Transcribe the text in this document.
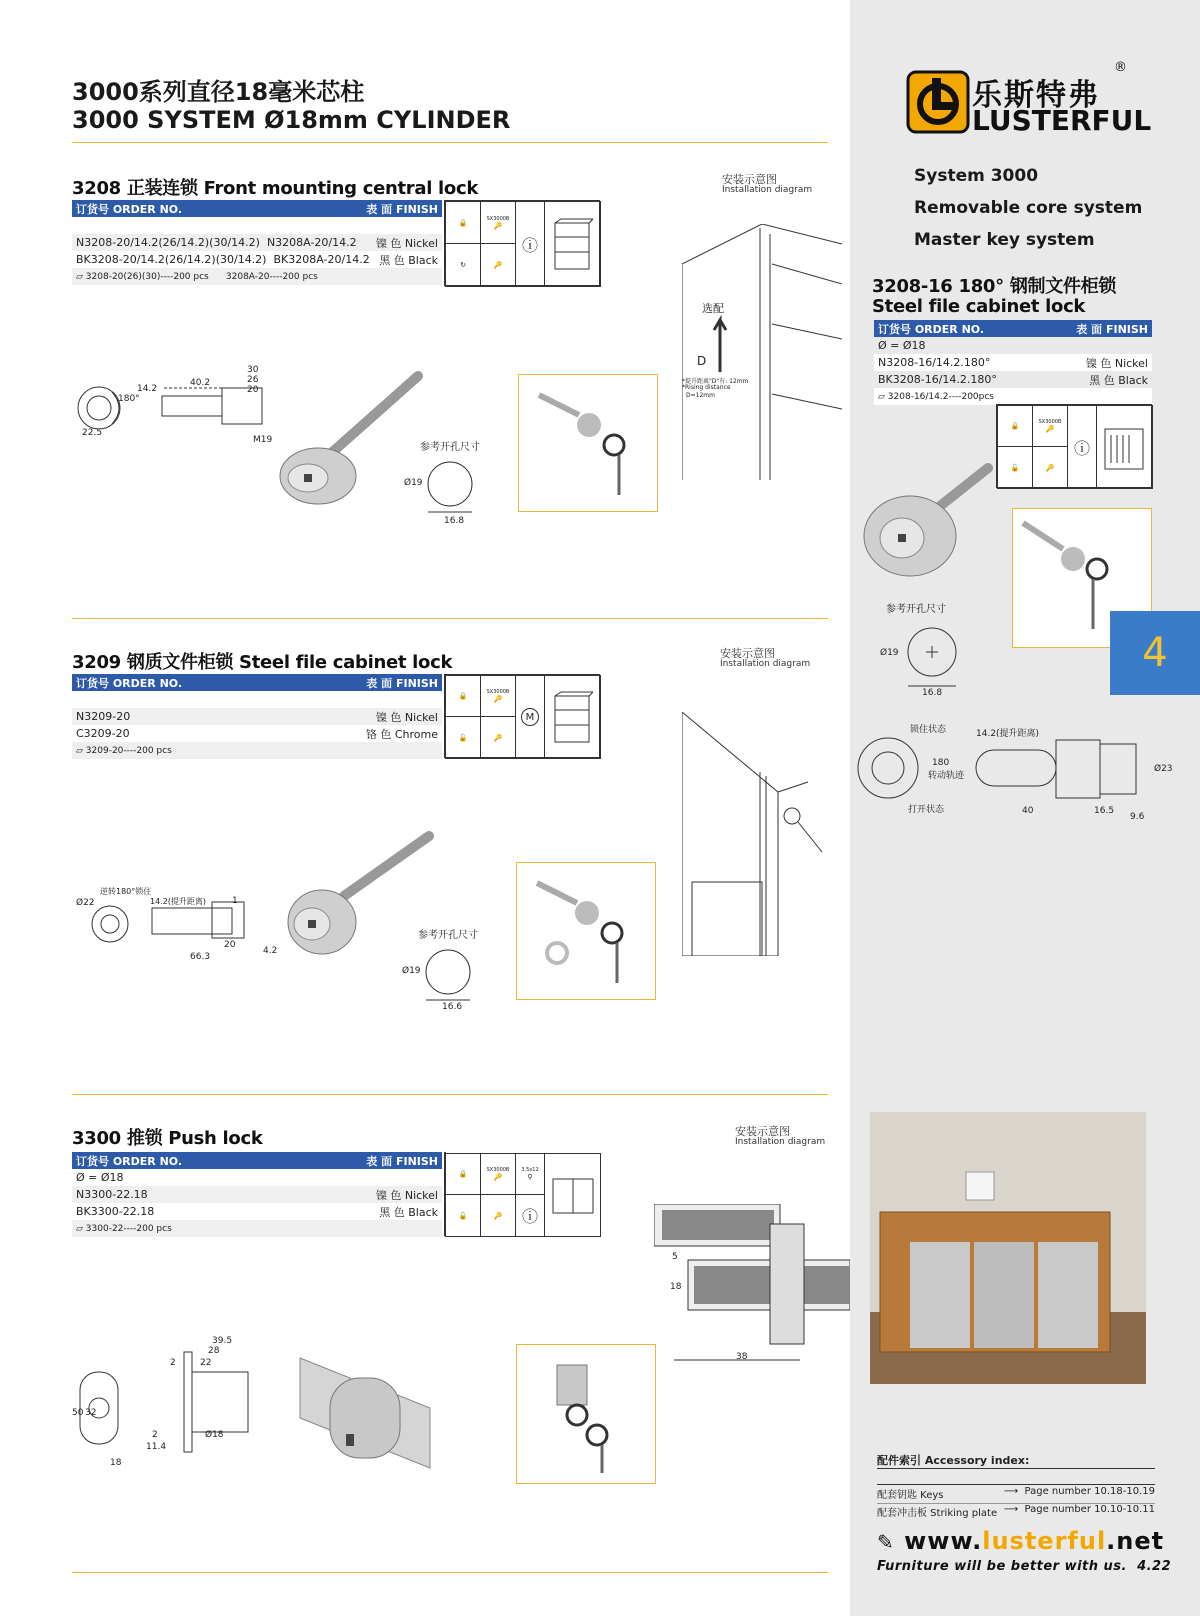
3000系列直径18毫米芯柱
3000 SYSTEM Ø18mm CYLINDER
乐斯特弗
LUSTERFUL
®
System 3000
Removable core system
Master key system
3208 正装连锁 Front mounting central lock	安装示意图
Installation diagram
订货号 ORDER NO.	表 面 FINISH
N3208-20/14.2(26/14.2)(30/14.2) N3208A-20/14.2 镍 色 Nickel
BK3208-20/14.2(26/14.2)(30/14.2) BK3208A-20/14.2 黑 色 Black
▱ 3208-20(26)(30)----200 pcs 3208A-20----200 pcs
🔒	SX3000B
🔑
↻	🔑
ⓘ
14.2
40.2
30
26
20
180°
22.5
M19
参考开孔尺寸
Ø19
16.8
选配
D
*提升距离"D"有: 12mm
*Rising distance
D=12mm
3209 钢质文件柜锁 Steel file cabinet lock	安装示意图
Installation diagram
订货号 ORDER NO.	表 面 FINISH
N3209-20	镍 色 Nickel
C3209-20	铬 色 Chrome
▱ 3209-20----200 pcs
🔒	SX3000B
🔑
🔓	🔑
M
逆转180°锁住
Ø22	14.2(提升距离)	1
20
66.3
4.2
参考开孔尺寸
Ø19
16.6
3300 推锁 Push lock	安装示意图
Installation diagram
订货号 ORDER NO.	表 面 FINISH
Ø = Ø18
N3300-22.18	镍 色 Nickel
BK3300-22.18	黑 色 Black
▱ 3300-22----200 pcs
🔒	SX3000B
🔑
🔓	🔑
3.5x12
⚲
ⓘ
39.5
28
22
2
50 32
2
11.4
Ø18
18
5
18
38
3208-16 180° 钢制文件柜锁
Steel file cabinet lock
订货号 ORDER NO.	表 面 FINISH
Ø = Ø18
N3208-16/14.2.180°	镍 色 Nickel
BK3208-16/14.2.180°	黑 色 Black
▱ 3208-16/14.2----200pcs
🔒	SX3000B
🔑
🔓	🔑
ⓘ
4
参考开孔尺寸
Ø19
16.8
锁住状态
打开状态
180
转动轨迹
14.2(提升距离)
Ø23
40	16.5
9.6
配件索引 Accessory index:
配套钥匙 Keys	⟶  Page number 10.18-10.19
配套冲击板 Striking plate ⟶  Page number 10.10-10.11
✎ www.lusterful.net
Furniture will be better with us. 4.22
